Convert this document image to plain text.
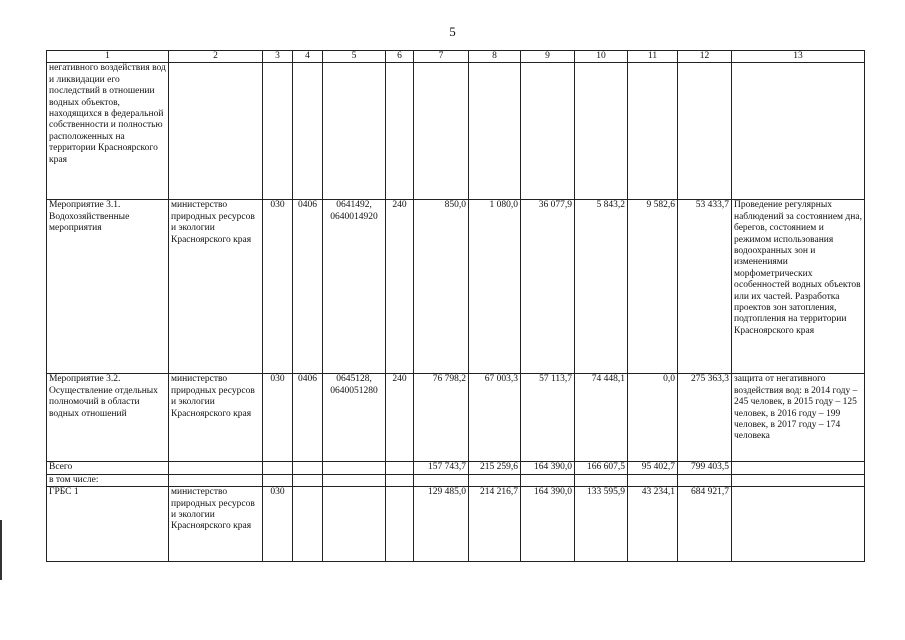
5
1	2	3	4	5	6	7	8	9	10	11	12	13
негативного воздействия вод и ликвидации его последствий в отношении водных объектов, находящихся в федеральной собственности и полностью расположенных на территории Красноярского края												
Мероприятие 3.1. Водохозяйственные мероприятия	министерство природных ресурсов и экологии Красноярского края	030	0406	0641492, 0640014920	240	850,0	1 080,0	36 077,9	5 843,2	9 582,6	53 433,7	Проведение регулярных наблюдений за состоянием дна, берегов, состоянием и режимом использования водоохранных зон и изменениями морфометрических особенностей водных объектов или их частей. Разработка проектов зон затопления, подтопления на территории Красноярского края
Мероприятие 3.2. Осуществление отдельных полномочий в области водных отношений	министерство природных ресурсов и экологии Красноярского края	030	0406	0645128, 0640051280	240	76 798,2	67 003,3	57 113,7	74 448,1	0,0	275 363,3	защита от негативного воздействия вод: в 2014 году – 245 человек, в 2015 году – 125 человек, в 2016 году – 199 человек, в 2017 году – 174 человека
Всего						157 743,7	215 259,6	164 390,0	166 607,5	95 402,7	799 403,5	
в том числе:												
ГРБС 1	министерство природных ресурсов и экологии Красноярского края	030				129 485,0	214 216,7	164 390,0	133 595,9	43 234,1	684 921,7	
